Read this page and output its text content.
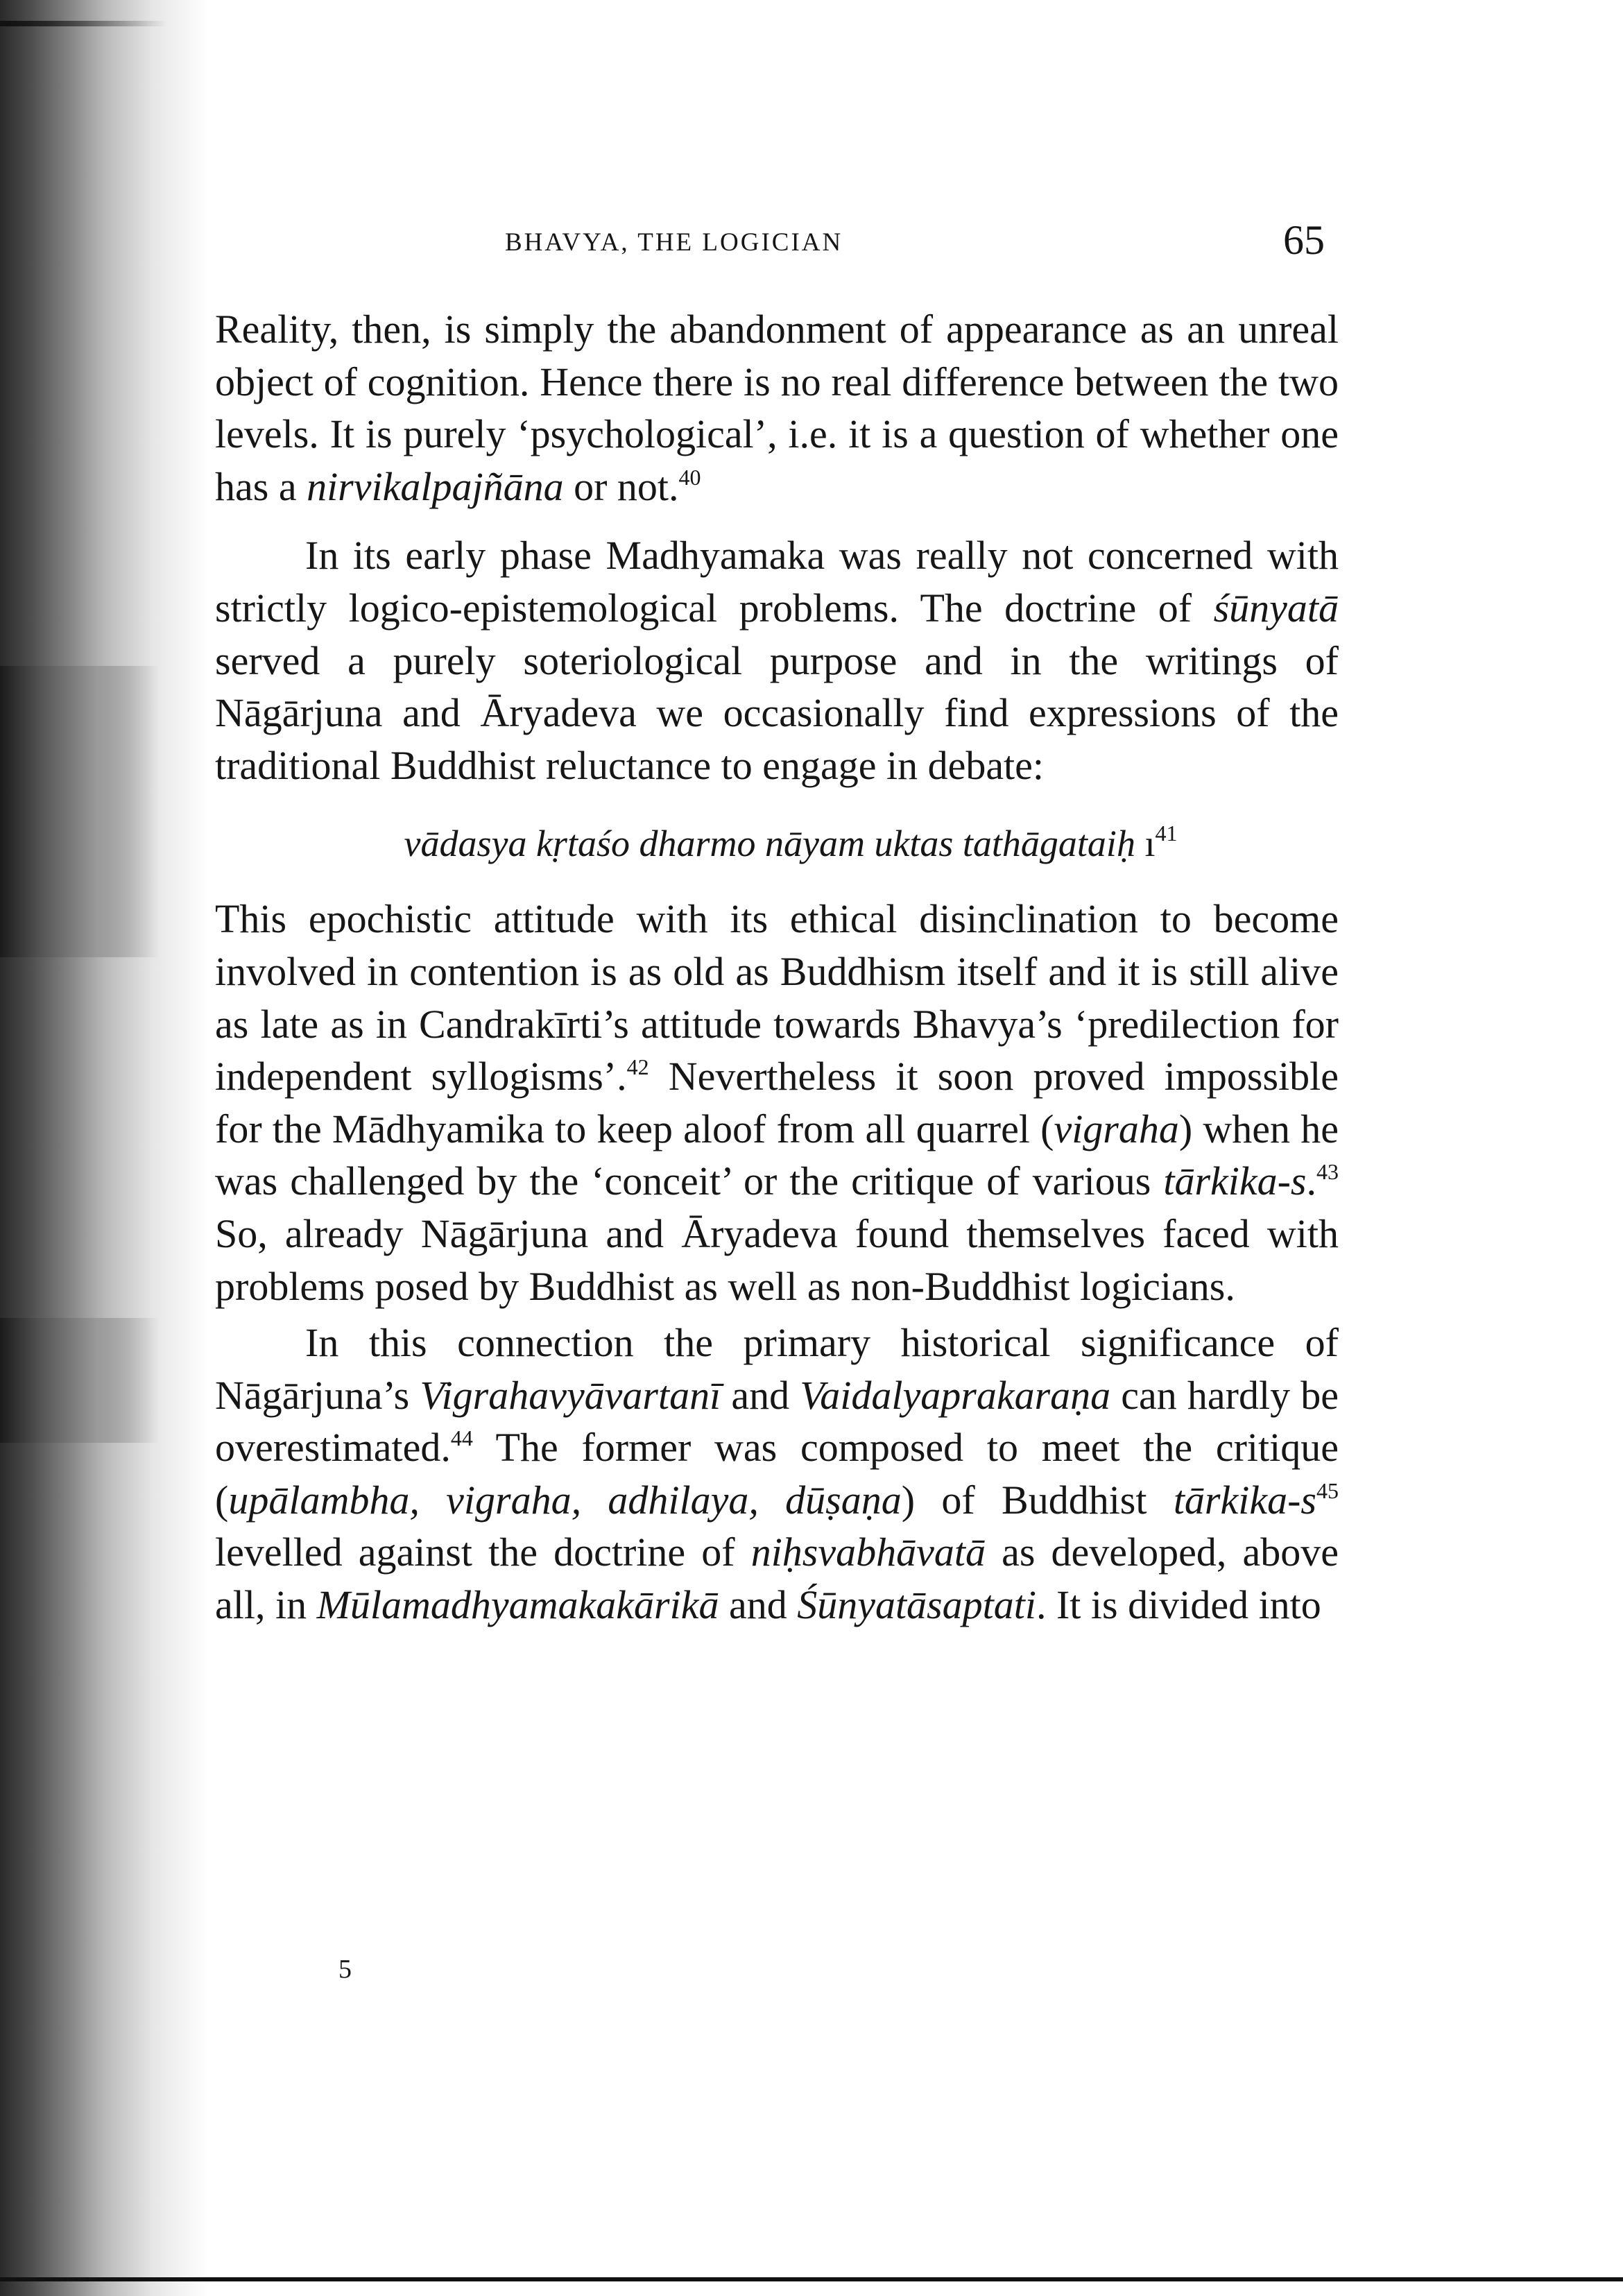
BHAVYA, THE LOGICIAN	65

Reality, then, is simply the abandonment of appearance as an unreal object of cognition. Hence there is no real difference between the two levels. It is purely ‘psychological’, i.e. it is a question of whether one has a nirvikalpajñāna or not.$^{40}$

In its early phase Madhyamaka was really not concerned with strictly logico-epistemological problems. The doctrine of śūnyatā served a purely soteriological purpose and in the writings of Nāgārjuna and Āryadeva we occasionally find expressions of the traditional Buddhist reluctance to engage in debate:

vādasya kṛtaśo dharmo nāyam uktas tathāgataiḥ $ı^{41}$

This epochistic attitude with its ethical disinclination to become involved in contention is as old as Buddhism itself and it is still alive as late as in Candrakīrti’s attitude towards Bhavya’s ‘predilection for independent syllogisms’.$^{42}$ Nevertheless it soon proved impossible for the Mādhyamika to keep aloof from all quarrel (vigraha) when he was challenged by the ‘conceit’ or the critique of various tārkika-s.$^{43}$ So, already Nāgārjuna and Āryadeva found themselves faced with problems posed by Buddhist as well as non-Buddhist logicians.

In this connection the primary historical significance of Nāgārjuna’s Vigrahavyāvartanī and Vaidalyaprakaraṇa can hardly be overestimated.$^{44}$ The former was composed to meet the critique (upālambha, vigraha, adhilaya, dūṣaṇa) of Buddhist tārkika-$s^{45}$ levelled against the doctrine of niḥsvabhāvatā as developed, above all, in Mūlamadhyamakakārikā and Śūnyatāsaptati. It is divided into

5
